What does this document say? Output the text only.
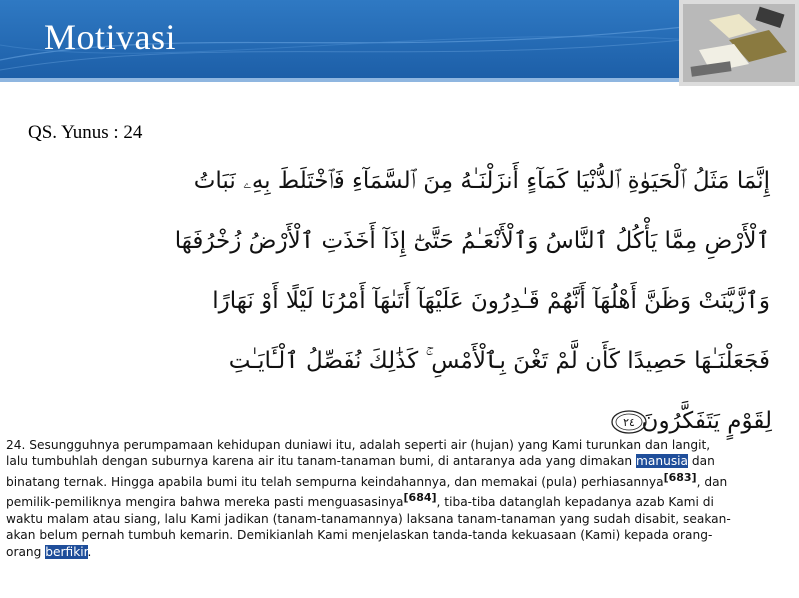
Motivasi
QS. Yunus : 24
إِنَّمَا مَثَلُ ٱلْحَيَوٰةِ ٱلدُّنْيَا كَمَآءٍ أَنزَلْنَـٰهُ مِنَ ٱلسَّمَآءِ فَٱخْتَلَطَ بِهِۦ نَبَاتُ
ٱلْأَرْضِ مِمَّا يَأْكُلُ ٱلنَّاسُ وَٱلْأَنْعَـٰمُ حَتَّىٰٓ إِذَآ أَخَذَتِ ٱلْأَرْضُ زُخْرُفَهَا
وَٱزَّيَّنَتْ وَظَنَّ أَهْلُهَآ أَنَّهُمْ قَـٰدِرُونَ عَلَيْهَآ أَتَىٰهَآ أَمْرُنَا لَيْلًا أَوْ نَهَارًا
فَجَعَلْنَـٰهَا حَصِيدًا كَأَن لَّمْ تَغْنَ بِٱلْأَمْسِ ۚ كَذَٰلِكَ نُفَصِّلُ ٱلْـَٔايَـٰتِ
لِقَوْمٍ يَتَفَكَّرُونَ
٢٤
24. Sesungguhnya perumpamaan kehidupan duniawi itu, adalah seperti air (hujan) yang Kami turunkan dan langit,
lalu tumbuhlah dengan suburnya karena air itu tanam-tanaman bumi, di antaranya ada yang dimakan manusia dan
binatang ternak. Hingga apabila bumi itu telah sempurna keindahannya, dan memakai (pula) perhiasannya[683], dan
pemilik-pemiliknya mengira bahwa mereka pasti menguasasinya[684], tiba-tiba datanglah kepadanya azab Kami di
waktu malam atau siang, lalu Kami jadikan (tanam-tanamannya) laksana tanam-tanaman yang sudah disabit, seakan-
akan belum pernah tumbuh kemarin. Demikianlah Kami menjelaskan tanda-tanda kekuasaan (Kami) kepada orang-
orang berfikir.
